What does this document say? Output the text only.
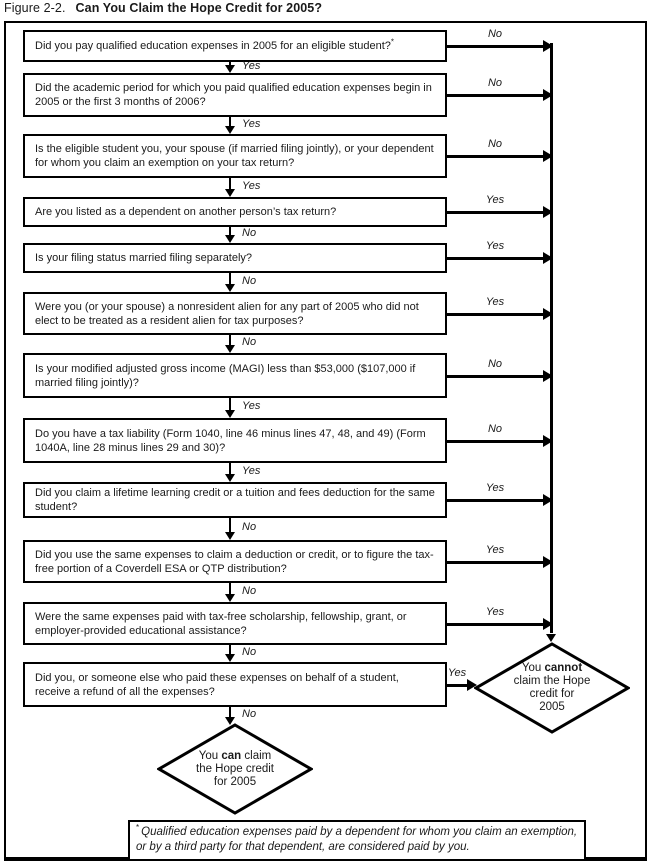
Figure 2-2. Can You Claim the Hope Credit for 2005?
You cannot
claim the Hope
credit for
2005
You can claim
the Hope credit
for 2005
* Qualified education expenses paid by a dependent for whom you claim an exemption, or by a third party for that dependent, are considered paid by you.
Did you pay qualified education expenses in 2005 for an eligible student?*
No
Yes
Did the academic period for which you paid qualified education expenses begin in 2005 or the first 3 months of 2006?
No
Yes
Is the eligible student you, your spouse (if married filing jointly), or your dependent for whom you claim an exemption on your tax return?
No
Yes
Are you listed as a dependent on another person’s tax return?
Yes
No
Is your filing status married filing separately?
Yes
No
Were you (or your spouse) a nonresident alien for any part of 2005 who did not elect to be treated as a resident alien for tax purposes?
Yes
No
Is your modified adjusted gross income (MAGI) less than $53,000 ($107,000 if married filing jointly)?
No
Yes
Do you have a tax liability (Form 1040, line 46 minus lines 47, 48, and 49) (Form 1040A, line 28 minus lines 29 and 30)?
No
Yes
Did you claim a lifetime learning credit or a tuition and fees deduction for the same student?
Yes
No
Did you use the same expenses to claim a deduction or credit, or to figure the tax-free portion of a Coverdell ESA or QTP distribution?
Yes
No
Were the same expenses paid with tax-free scholarship, fellowship, grant, or employer-provided educational assistance?
Yes
No
Did you, or someone else who paid these expenses on behalf of a student, receive a refund of all the expenses?
Yes
No
